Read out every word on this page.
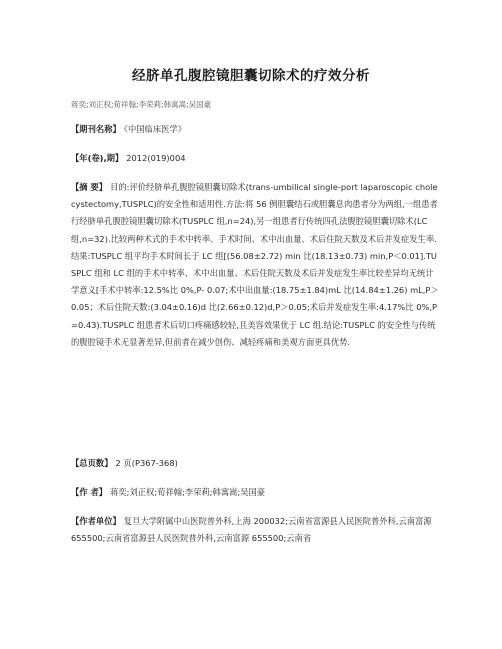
经脐单孔腹腔镜胆囊切除术的疗效分析
蒋奕;刘正权;荀祥翰;李荣莉;韩寓嵩;吴国豪
【期刊名称】 《中国临床医学》
【年(卷),期】 2012(019)004
【摘 要】 目的:评价经脐单孔腹腔镜胆囊切除术(trans-umbilical single-port laparoscopic cholecystectomy,TUSPLC)的安全性和适用性.方法:将 56 例胆囊结石或胆囊息肉患者分为两组,一组患者行经脐单孔腹腔镜胆囊切除术(TUSPLC 组,n=24),另一组患者行传统四孔法腹腔镜胆囊切除术(LC 组,n=32).比较两种术式的手术中转率、手术时间、术中出血量、术后住院天数及术后并发症发生率.结果:TUSPLC 组平均手术时间长于 LC 组[(56.08±2.72) min 比(18.13±0.73) min,P＜0.01].TUSPLC 组和 LC 组的手术中转率、术中出血量、术后住院天数及术后并发症发生率比较差异均无统计学意义[手术中转率:12.5%比 0%,P- 0.07;术中出血量:(18.75±1.84)mL 比(14.84±1.26) mL,P＞0.05；术后住院天数:(3.04±0.16)d 比(2.66±0.12)d,P＞0.05;术后并发症发生率:4.17%比 0%,P=0.43).TUSPLC 组患者术后切口疼痛感较轻,且美容效果优于 LC 组.结论:TUSPLC 的安全性与传统的腹腔镜手术无显著差异,但前者在减少创伤、减轻疼痛和美观方面更具优势.
【总页数】 2 页(P367-368)
【作 者】 蒋奕;刘正权;荀祥翰;李荣莉;韩寓嵩;吴国豪
【作者单位】 复旦大学附属中山医院普外科,上海 200032;云南省富源县人民医院普外科,云南富源 655500;云南省富源县人民医院普外科,云南富源 655500;云南省
